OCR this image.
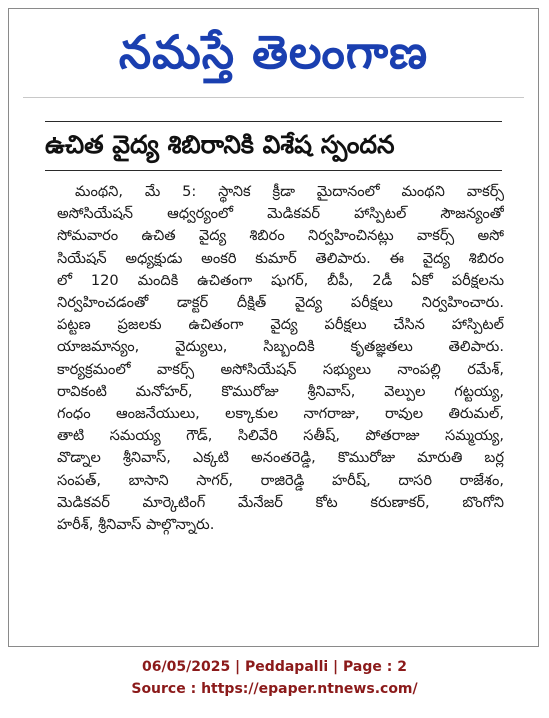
నమస్తే తెలంగాణ
ఉచిత వైద్య శిబిరానికి విశేష స్పందన
మంథని, మే 5: స్థానిక క్రీడా మైదానంలో మంథని వాకర్స్
అసోసియేషన్ ఆధ్వర్యంలో మెడికవర్ హాస్పిటల్ సౌజన్యంతో
సోమవారం ఉచిత వైద్య శిబిరం నిర్వహించినట్లు వాకర్స్ అసో
సియేషన్ అధ్యక్షుడు అంకరి కుమార్ తెలిపారు. ఈ వైద్య శిబిరం
లో 120 మందికి ఉచితంగా షుగర్, బీపీ, 2డీ ఏకో పరీక్షలను
నిర్వహించడంతో డాక్టర్ దీక్షిత్ వైద్య పరీక్షలు నిర్వహించారు.
పట్టణ ప్రజలకు ఉచితంగా వైద్య పరీక్షలు చేసిన హాస్పిటల్
యాజమాన్యం, వైద్యులు, సిబ్బందికి కృతజ్ఞతలు తెలిపారు.
కార్యక్రమంలో వాకర్స్ అసోసియేషన్ సభ్యులు నాంపల్లి రమేశ్,
రావికంటి మనోహర్, కొమురోజు శ్రీనివాస్, వెల్పుల గట్టయ్య,
గంధం ఆంజనేయులు, లక్కాకుల నాగరాజు, రావుల తిరుమల్,
తాటి సమయ్య గౌడ్, సిలివేరి సతీష్, పోతరాజు సమ్మయ్య,
వొడ్నాల శ్రీనివాస్, ఎక్కటి అనంతరెడ్డి, కొమురోజు మారుతి బర్ల
సంపత్, బాసాని సాగర్, రాజిరెడ్డి హరీష్, దాసరి రాజేశం,
మెడికవర్ మార్కెటింగ్ మేనేజర్ కోట కరుణాకర్, బొంగోని
హరీశ్, శ్రీనివాస్ పాల్గొన్నారు.
06/05/2025 | Peddapalli | Page : 2
Source : https://epaper.ntnews.com/
